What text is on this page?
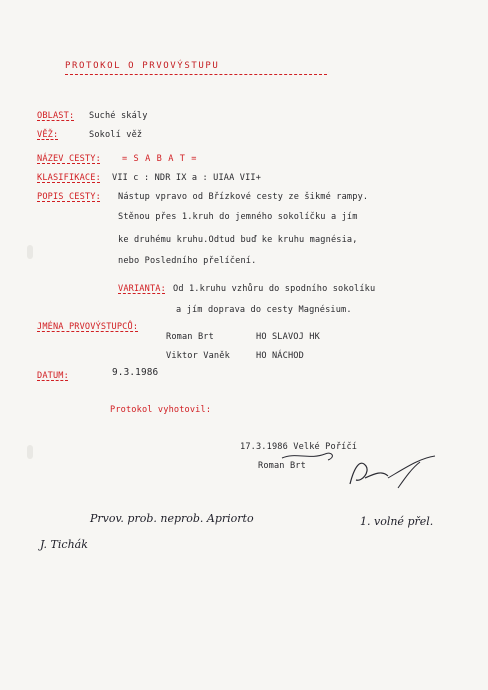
PROTOKOL O PRVOVÝSTUPU
OBLAST: Suché skály
VĚŽ:	Sokolí věž
NÁZEV CESTY: = S A B A T =
KLASIFIKACE: VII c : NDR IX a : UIAA VII+
POPIS CESTY: Nástup vpravo od Břízkové cesty ze šikmé rampy.
Stěnou přes 1.kruh do jemného sokolíčku a jím
ke druhému kruhu.Odtud buď ke kruhu magnésia,
nebo Posledního přelíčení.
VARIANTA: Od 1.kruhu vzhůru do spodního sokolíku
a jím doprava do cesty Magnésium.
JMÉNA PRVOVÝSTUPCŮ:
Roman Brt	HO SLAVOJ HK
Viktor Vaněk	HO NÁCHOD
DATUM:	9.3.1986
Protokol vyhotovil:
17.3.1986 Velké Poříčí
Roman Brt
Prvov. prob. neprob. Apriorto	1. volné přel.
J. Tichák
